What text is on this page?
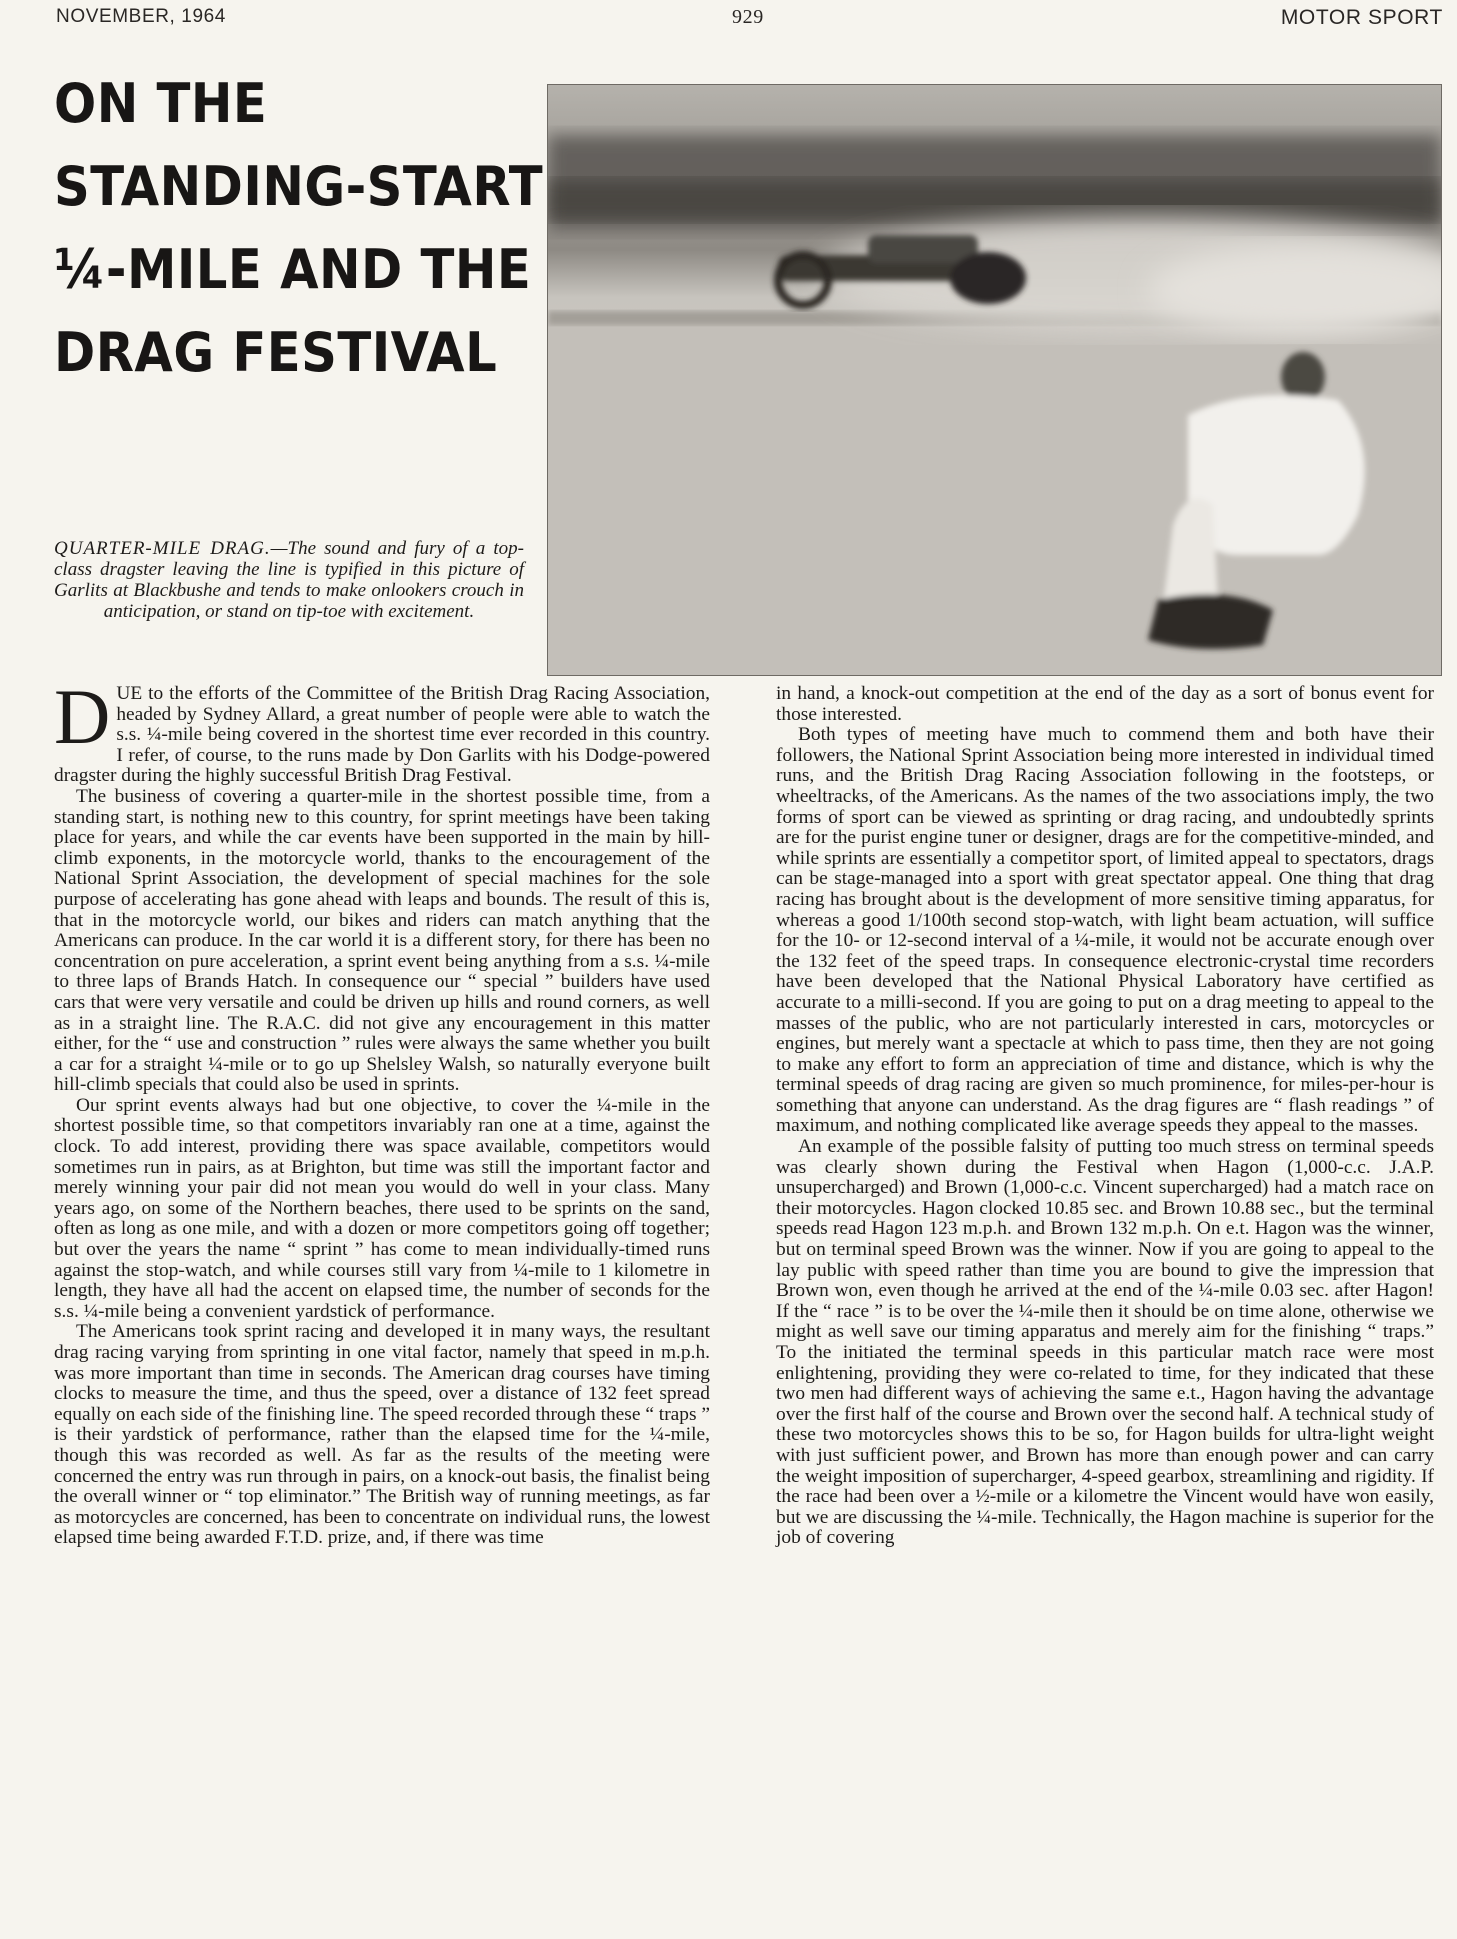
NOVEMBER, 1964	929	MOTOR SPORT
ON THE
STANDING-START
¼-MILE AND THE
DRAG FESTIVAL
QUARTER-MILE DRAG.—The sound and fury of a top-class dragster leaving the line is typified in this picture of Garlits at Blackbushe and tends to make onlookers crouch in anticipation, or stand on tip-toe with excitement.

DUE to the efforts of the Committee of the British Drag Racing Association, headed by Sydney Allard, a great number of people were able to watch the s.s. ¼-mile being covered in the shortest time ever recorded in this country. I refer, of course, to the runs made by Don Garlits with his Dodge-powered dragster during the highly successful British Drag Festival.

The business of covering a quarter-mile in the shortest possible time, from a standing start, is nothing new to this country, for sprint meetings have been taking place for years, and while the car events have been supported in the main by hill-climb exponents, in the motorcycle world, thanks to the encouragement of the National Sprint Association, the development of special machines for the sole purpose of accelerating has gone ahead with leaps and bounds. The result of this is, that in the motorcycle world, our bikes and riders can match anything that the Americans can produce. In the car world it is a different story, for there has been no concentration on pure acceleration, a sprint event being anything from a s.s. ¼-mile to three laps of Brands Hatch. In consequence our “ special ” builders have used cars that were very versatile and could be driven up hills and round corners, as well as in a straight line. The R.A.C. did not give any encouragement in this matter either, for the “ use and construction ” rules were always the same whether you built a car for a straight ¼-mile or to go up Shelsley Walsh, so naturally everyone built hill-climb specials that could also be used in sprints.

Our sprint events always had but one objective, to cover the ¼-mile in the shortest possible time, so that competitors invariably ran one at a time, against the clock. To add interest, providing there was space available, competitors would sometimes run in pairs, as at Brighton, but time was still the important factor and merely winning your pair did not mean you would do well in your class. Many years ago, on some of the Northern beaches, there used to be sprints on the sand, often as long as one mile, and with a dozen or more competitors going off together; but over the years the name “ sprint ” has come to mean individually-timed runs against the stop-watch, and while courses still vary from ¼-mile to 1 kilometre in length, they have all had the accent on elapsed time, the number of seconds for the s.s. ¼-mile being a convenient yardstick of performance.

The Americans took sprint racing and developed it in many ways, the resultant drag racing varying from sprinting in one vital factor, namely that speed in m.p.h. was more important than time in seconds. The American drag courses have timing clocks to measure the time, and thus the speed, over a distance of 132 feet spread equally on each side of the finishing line. The speed recorded through these “ traps ” is their yardstick of performance, rather than the elapsed time for the ¼-mile, though this was recorded as well. As far as the results of the meeting were concerned the entry was run through in pairs, on a knock-out basis, the finalist being the overall winner or “ top eliminator.” The British way of running meetings, as far as motorcycles are concerned, has been to concentrate on individual runs, the lowest elapsed time being awarded F.T.D. prize, and, if there was time

in hand, a knock-out competition at the end of the day as a sort of bonus event for those interested.

Both types of meeting have much to commend them and both have their followers, the National Sprint Association being more interested in individual timed runs, and the British Drag Racing Association following in the footsteps, or wheeltracks, of the Americans. As the names of the two associations imply, the two forms of sport can be viewed as sprinting or drag racing, and undoubtedly sprints are for the purist engine tuner or designer, drags are for the competitive-minded, and while sprints are essentially a competitor sport, of limited appeal to spectators, drags can be stage-managed into a sport with great spectator appeal. One thing that drag racing has brought about is the development of more sensitive timing apparatus, for whereas a good 1/100th second stop-watch, with light beam actuation, will suffice for the 10- or 12-second interval of a ¼-mile, it would not be accurate enough over the 132 feet of the speed traps. In consequence electronic-crystal time recorders have been developed that the National Physical Laboratory have certified as accurate to a milli-second. If you are going to put on a drag meeting to appeal to the masses of the public, who are not particularly interested in cars, motorcycles or engines, but merely want a spectacle at which to pass time, then they are not going to make any effort to form an appreciation of time and distance, which is why the terminal speeds of drag racing are given so much prominence, for miles-per-hour is something that anyone can understand. As the drag figures are “ flash readings ” of maximum, and nothing complicated like average speeds they appeal to the masses.

An example of the possible falsity of putting too much stress on terminal speeds was clearly shown during the Festival when Hagon (1,000-c.c. J.A.P. unsupercharged) and Brown (1,000-c.c. Vincent supercharged) had a match race on their motorcycles. Hagon clocked 10.85 sec. and Brown 10.88 sec., but the terminal speeds read Hagon 123 m.p.h. and Brown 132 m.p.h. On e.t. Hagon was the winner, but on terminal speed Brown was the winner. Now if you are going to appeal to the lay public with speed rather than time you are bound to give the impression that Brown won, even though he arrived at the end of the ¼-mile 0.03 sec. after Hagon! If the “ race ” is to be over the ¼-mile then it should be on time alone, otherwise we might as well save our timing apparatus and merely aim for the finishing “ traps.” To the initiated the terminal speeds in this particular match race were most enlightening, providing they were co-related to time, for they indicated that these two men had different ways of achieving the same e.t., Hagon having the advantage over the first half of the course and Brown over the second half. A technical study of these two motorcycles shows this to be so, for Hagon builds for ultra-light weight with just sufficient power, and Brown has more than enough power and can carry the weight imposition of supercharger, 4-speed gearbox, streamlining and rigidity. If the race had been over a ½-mile or a kilometre the Vincent would have won easily, but we are discussing the ¼-mile. Technically, the Hagon machine is superior for the job of covering
